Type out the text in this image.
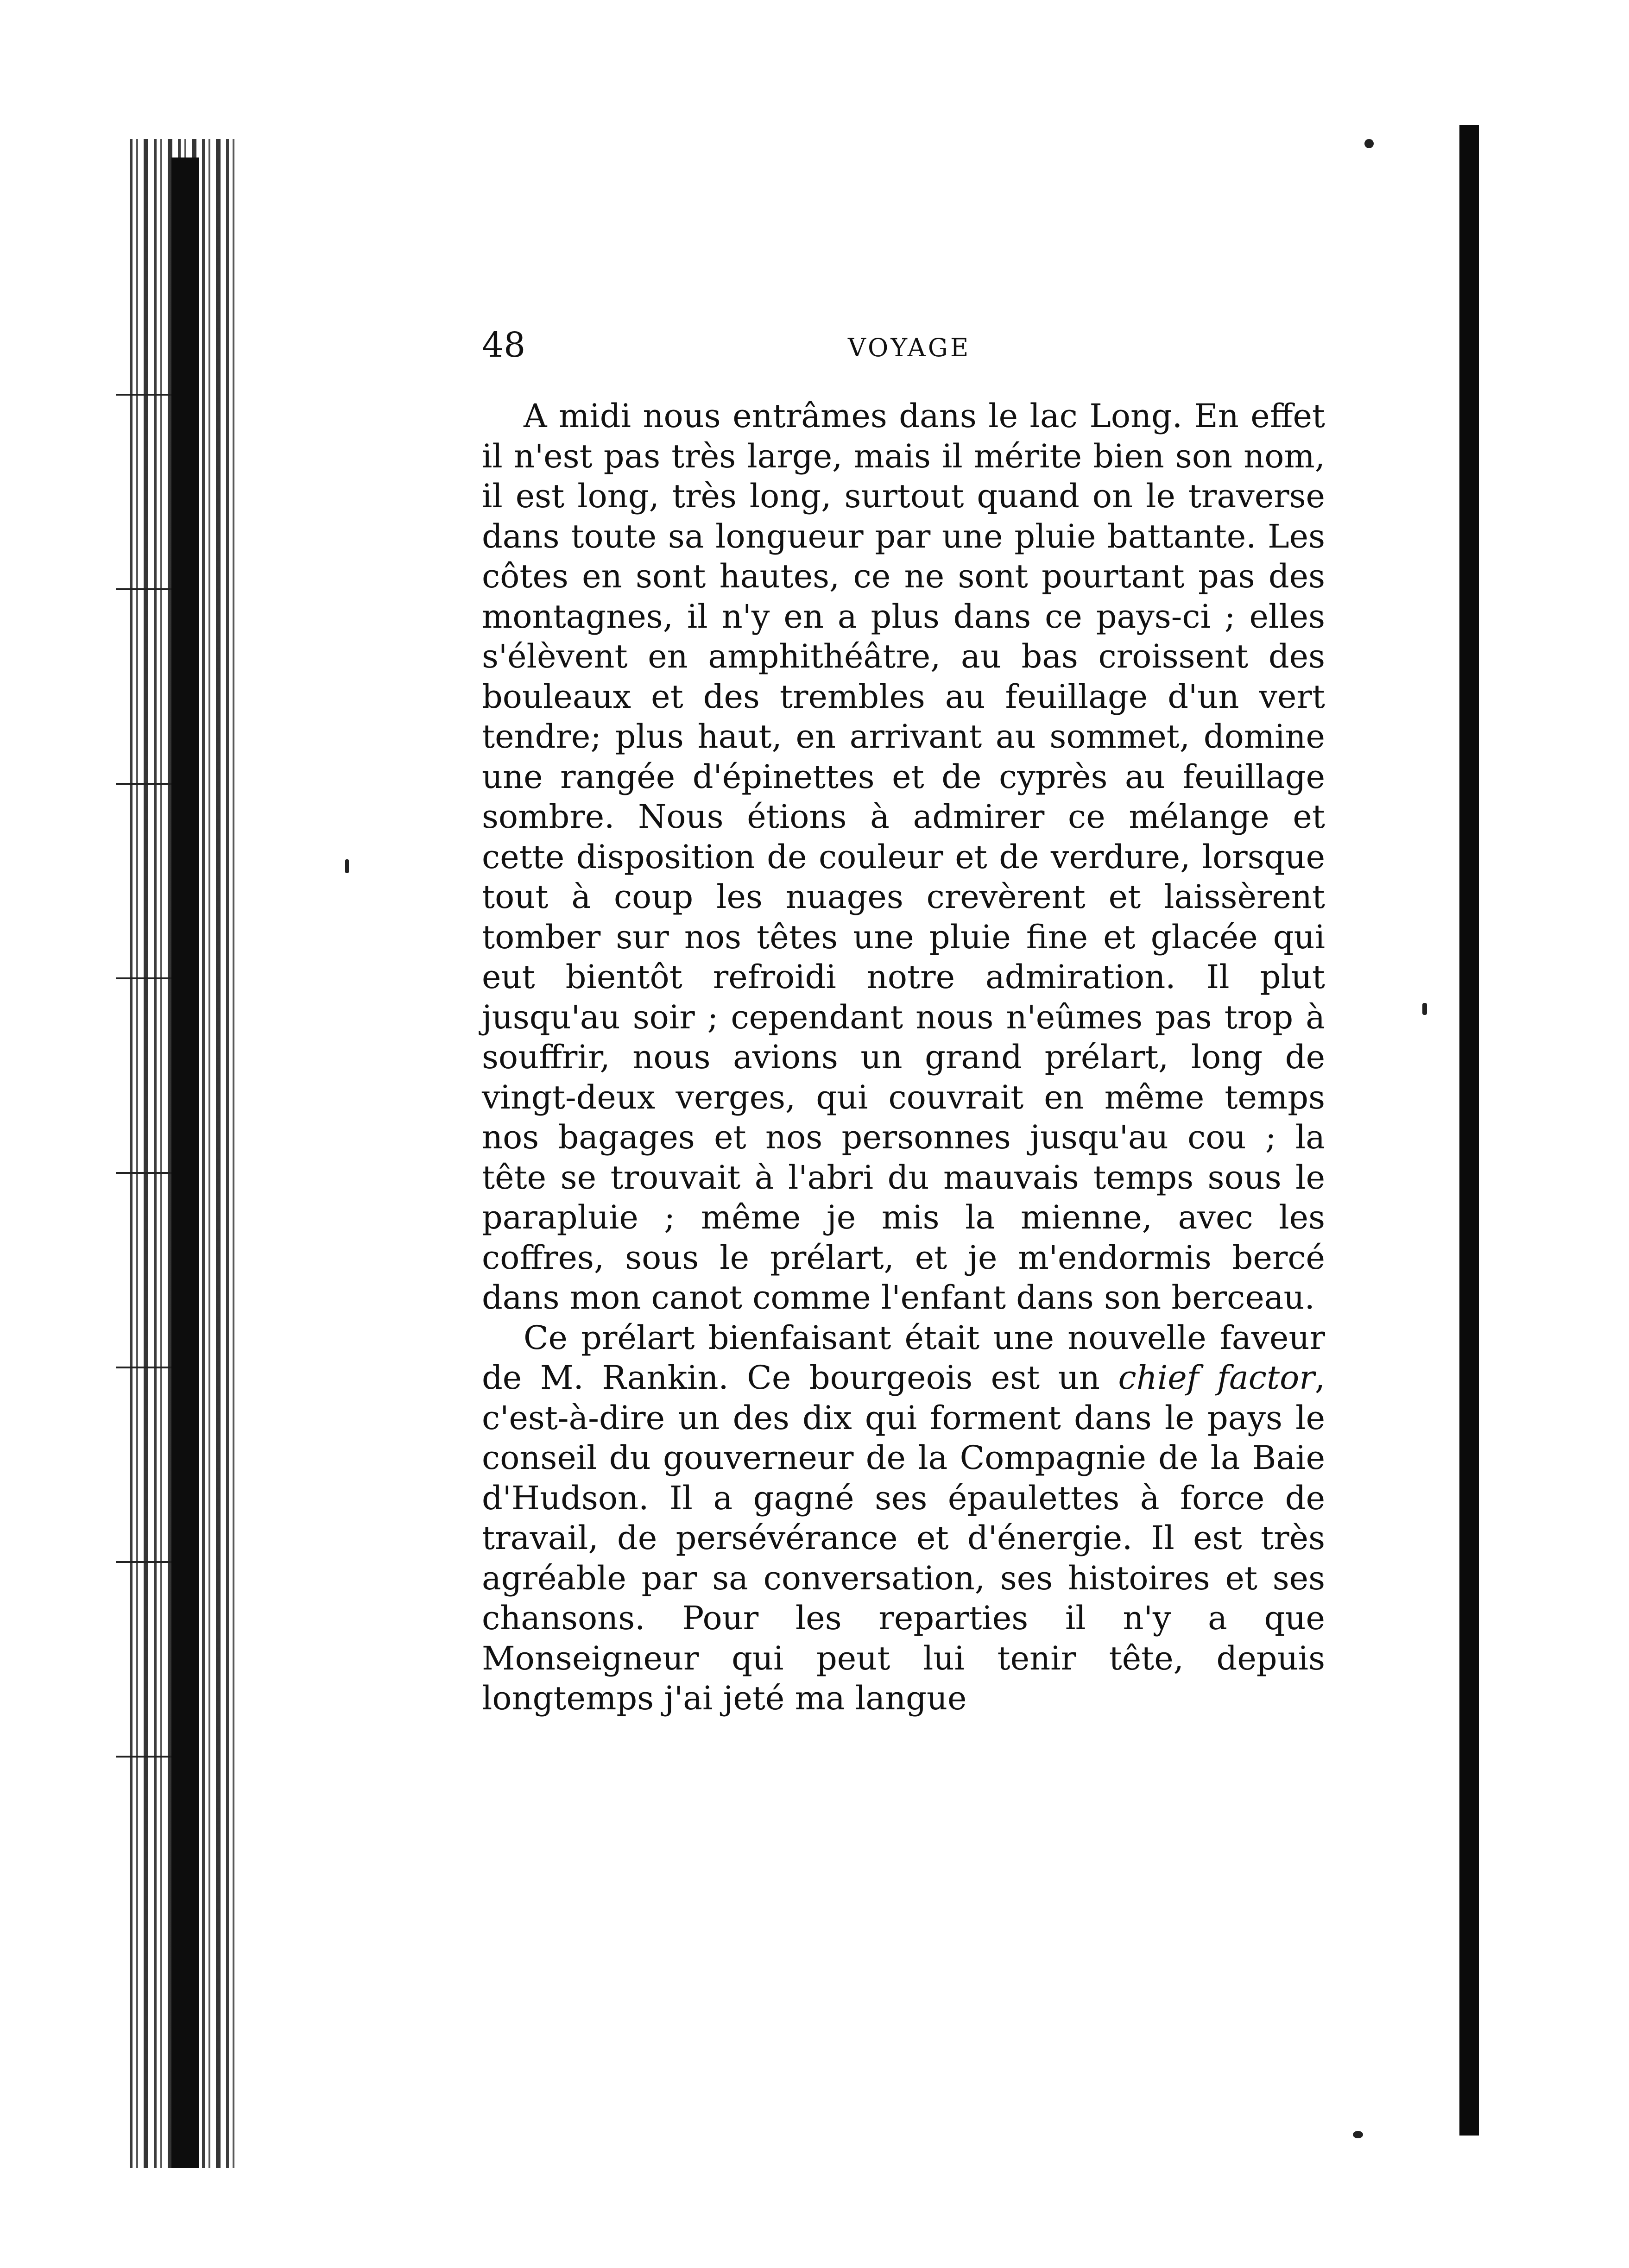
48	VOYAGE

A midi nous entrâmes dans le lac Long. En effet il n'est pas très large, mais il mérite bien son nom, il est long, très long, surtout quand on le traverse dans toute sa longueur par une pluie battante. Les côtes en sont hautes, ce ne sont pourtant pas des montagnes, il n'y en a plus dans ce pays-ci ; elles s'élèvent en amphithéâtre, au bas croissent des bouleaux et des trembles au feuillage d'un vert tendre; plus haut, en arrivant au sommet, domine une rangée d'épinettes et de cyprès au feuillage sombre. Nous étions à admirer ce mélange et cette disposition de couleur et de verdure, lorsque tout à coup les nuages crevèrent et laissèrent tomber sur nos têtes une pluie fine et glacée qui eut bientôt refroidi notre admiration. Il plut jusqu'au soir ; cependant nous n'eûmes pas trop à souffrir, nous avions un grand prélart, long de vingt-deux verges, qui couvrait en même temps nos bagages et nos personnes jusqu'au cou ; la tête se trouvait à l'abri du mauvais temps sous le parapluie ; même je mis la mienne, avec les coffres, sous le prélart, et je m'endormis bercé dans mon canot comme l'enfant dans son berceau.

Ce prélart bienfaisant était une nouvelle faveur de M. Rankin. Ce bourgeois est un chief factor, c'est-à-dire un des dix qui forment dans le pays le conseil du gouverneur de la Compagnie de la Baie d'Hudson. Il a gagné ses épaulettes à force de travail, de persévérance et d'énergie. Il est très agréable par sa conversation, ses histoires et ses chansons. Pour les reparties il n'y a que Monseigneur qui peut lui tenir tête, depuis longtemps j'ai jeté ma langue
